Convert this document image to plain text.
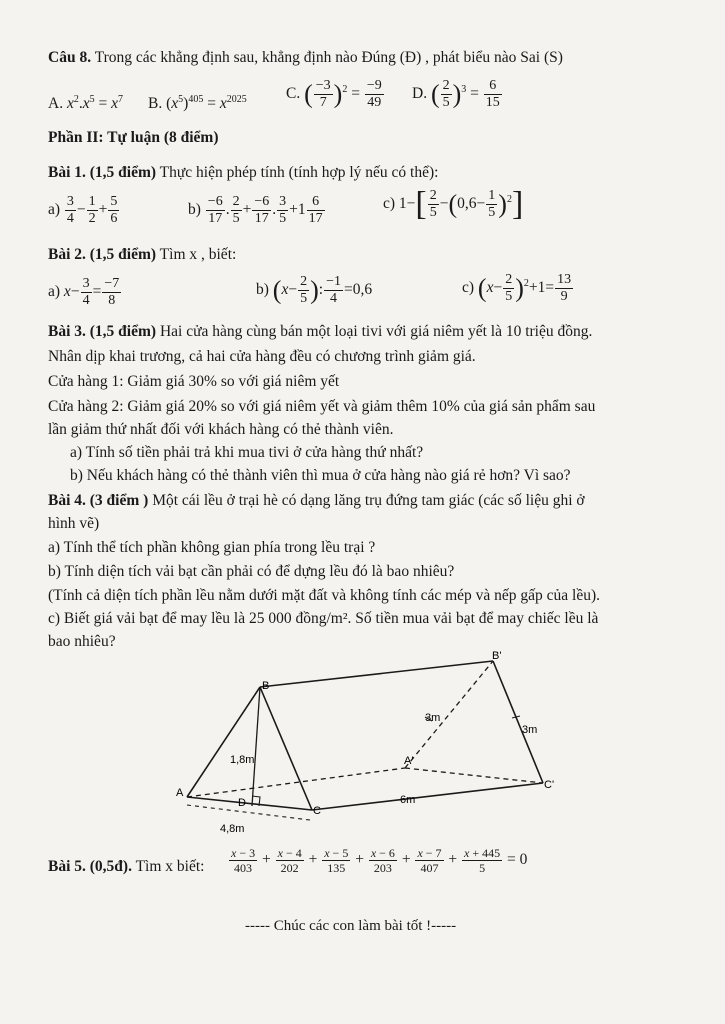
Câu 8. Trong các khẳng định sau, khẳng định nào Đúng (Đ) , phát biểu nào Sai (S)
A. $x^2.x^5 = x^7$ B. $(x^5)^{405} = x^{2025}$	C. ( $\frac{-3}{7} )^2 = \frac{-9}{49} D$. ( $\frac{2}{5} )^3 = \frac{6}{15}$
Phần II: Tự luận (8 điểm)
Bài 1. (1,5 điểm) Thực hiện phép tính (tính hợp lý nếu có thể):
$a) \frac{3}{4} - \frac{1}{2} + \frac{5}{6}$	$b) \frac{-6}{17}$ . $\frac{2}{5} + \frac{-6}{17}$ . $\frac{3}{5} +1 \frac{6}{17}$	c) $1-[ \frac{2}{5} -(0,6- \frac{1}{5} )^2]$
Bài 2. (1,5 điểm) Tìm x , biết:
a) $x- \frac{3}{4} = \frac{-7}{8}$	b) ($x- \frac{2}{5}$ ): $\frac{-1}{4} =0,6$	c) $(x- \frac{2}{5} )^2+1= \frac{13}{9}$
Bài 3. (1,5 điểm) Hai cửa hàng cùng bán một loại tivi với giá niêm yết là 10 triệu đồng.
Nhân dịp khai trương, cả hai cửa hàng đều có chương trình giảm giá.
Cửa hàng 1: Giảm giá 30% so với giá niêm yết
Cửa hàng 2: Giảm giá 20% so với giá niêm yết và giảm thêm 10% của giá sản phẩm sau
lần giảm thứ nhất đối với khách hàng có thẻ thành viên.
a) Tính số tiền phải trả khi mua tivi ở cửa hàng thứ nhất?
b) Nếu khách hàng có thẻ thành viên thì mua ở cửa hàng nào giá rẻ hơn? Vì sao?
Bài 4. (3 điểm ) Một cái lều ở trại hè có dạng lăng trụ đứng tam giác (các số liệu ghi ở
hình vẽ)
a) Tính thể tích phần không gian phía trong lều trại ?
b) Tính diện tích vải bạt cần phải có để dựng lều đó là bao nhiêu?
(Tính cả diện tích phần lều nằm dưới mặt đất và không tính các mép và nếp gấp của lều).
c) Biết giá vải bạt để may lều là 25 000 đồng/m². Số tiền mua vải bạt để may chiếc lều là
bao nhiêu?
B
A
C
D
A'
B'
C'
1,8m
4,8m
6m
3m
3m
Bài 5. (0,5đ). Tìm x biết: $\frac{x - 3}{403} + \frac{x - 4}{202} + \frac{x - 5}{135} + \frac{x - 6}{203} + \frac{x - 7}{407} + \frac{x + 445}{5} = 0$
----- Chúc các con làm bài tốt !-----
